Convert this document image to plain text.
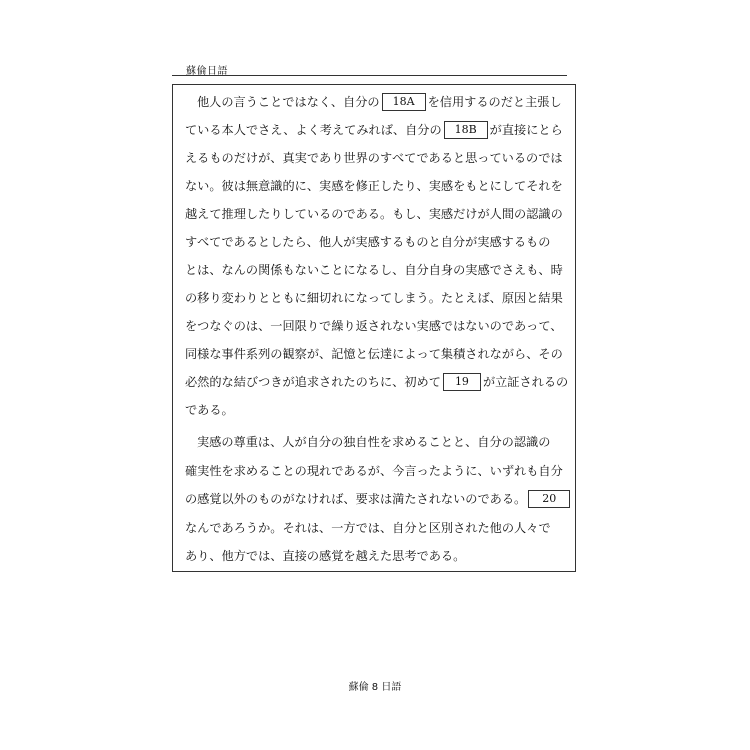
蘇倫日語
他人の言うことではなく、自分の 18A を信用するのだと主張し
ている本人でさえ、よく考えてみれば、自分の 18B が直接にとら
えるものだけが、真実であり世界のすべてであると思っているのでは
ない。彼は無意識的に、実感を修正したり、実感をもとにしてそれを
越えて推理したりしているのである。もし、実感だけが人間の認識の
すべてであるとしたら、他人が実感するものと自分が実感するもの
とは、なんの関係もないことになるし、自分自身の実感でさえも、時
の移り変わりとともに細切れになってしまう。たとえば、原因と結果
をつなぐのは、一回限りで繰り返されない実感ではないのであって、
同様な事件系列の観察が、記憶と伝達によって集積されながら、その
必然的な結びつきが追求されたのちに、初めて 19 が立証されるの
である。
実感の尊重は、人が自分の独自性を求めることと、自分の認識の
確実性を求めることの現れであるが、今言ったように、いずれも自分
の感覚以外のものがなければ、要求は満たされないのである。 20
なんであろうか。それは、一方では、自分と区別された他の人々で
あり、他方では、直接の感覚を越えた思考である。
蘇倫 8 日語
